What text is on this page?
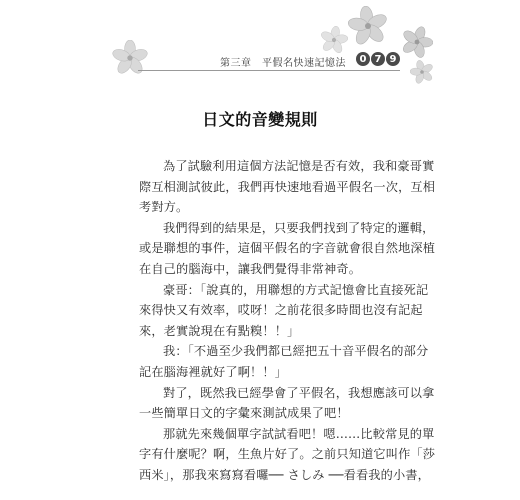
第三章　平假名快速記憶法	0 7 9
日文的音變規則
為了試驗利用這個方法記憶是否有效，我和豪哥實
際互相測試彼此，我們再快速地看過平假名一次，互相
考對方。
我們得到的結果是，只要我們找到了特定的邏輯，
或是聯想的事件，這個平假名的字音就會很自然地深植
在自己的腦海中，讓我們覺得非常神奇。
豪哥：「說真的，用聯想的方式記憶會比直接死記
來得快又有效率，哎呀！之前花很多時間也沒有記起
來，老實說現在有點糗！！」
我：「不過至少我們都已經把五十音平假名的部分
記在腦海裡就好了啊！！」
對了，既然我已經學會了平假名，我想應該可以拿
一些簡單日文的字彙來測試成果了吧！
那就先來幾個單字試試看吧！嗯……比較常見的單
字有什麼呢？啊，生魚片好了。之前只知道它叫作「莎
西米」，那我來寫寫看囉── さしみ ──看看我的小書，
